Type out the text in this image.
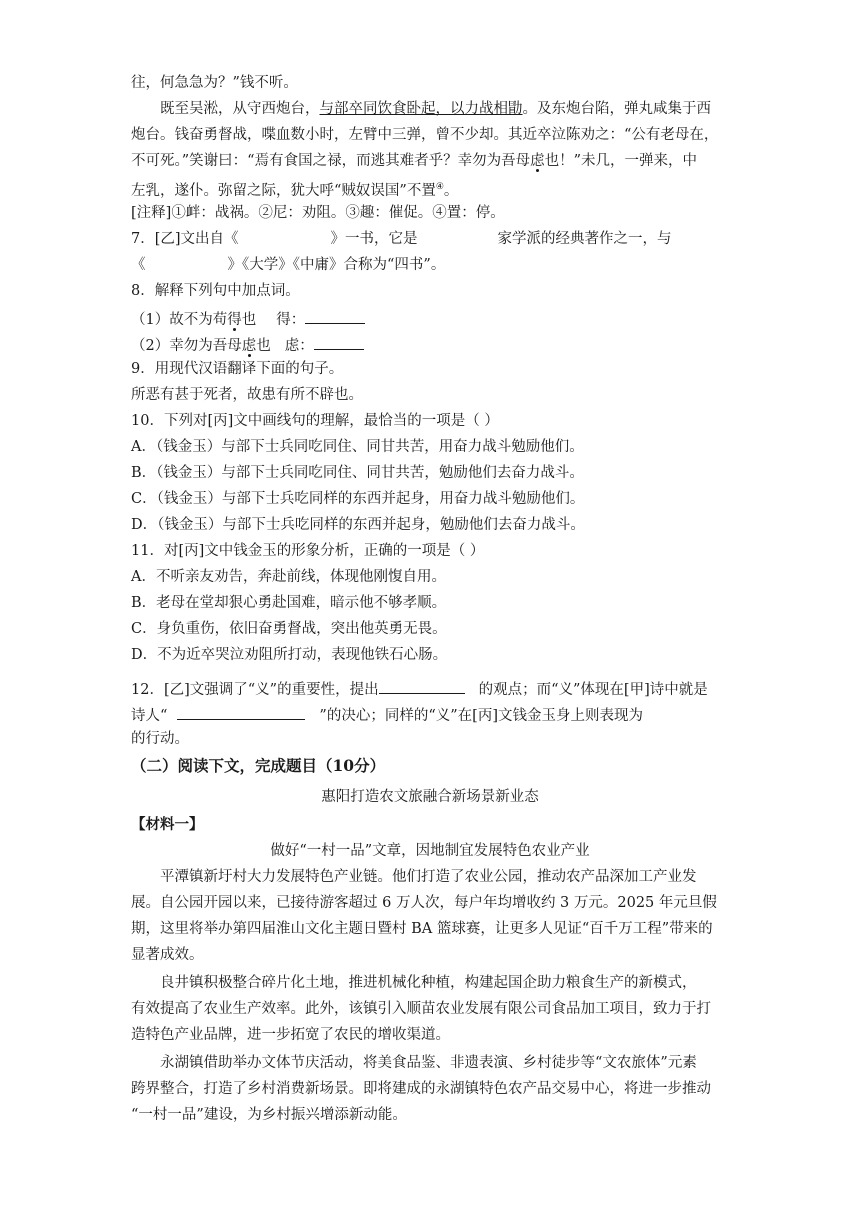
往，何急急为？”钱不听。
既至吴淞，从守西炮台，与部卒同饮食卧起，以力战相勖。及东炮台陷，弹丸咸集于西
炮台。钱奋勇督战，喋血数小时，左臂中三弹，曾不少却。其近卒泣陈劝之：“公有老母在，
不可死。”笑谢曰：“焉有食国之禄，而逃其难者乎？幸勿为吾母虑也！”未几，一弹来，中
左乳，遂仆。弥留之际，犹大呼“贼奴误国”不置④。
[注释]①衅：战祸。②尼：劝阻。③趣：催促。④置：停。
7．[乙]文出自《	》一书，它是	家学派的经典著作之一，与
《	》《大学》《中庸》合称为“四书”。
8．解释下列句中加点词。
（1）故不为苟得也 得：
（2）幸勿为吾母虑也 虑：
9．用现代汉语翻译下面的句子。
所恶有甚于死者，故患有所不辟也。
10．下列对[丙]文中画线句的理解，最恰当的一项是（ ）
A．（钱金玉）与部下士兵同吃同住、同甘共苦，用奋力战斗勉励他们。
B．（钱金玉）与部下士兵同吃同住、同甘共苦，勉励他们去奋力战斗。
C．（钱金玉）与部下士兵吃同样的东西并起身，用奋力战斗勉励他们。
D．（钱金玉）与部下士兵吃同样的东西并起身，勉励他们去奋力战斗。
11．对[丙]文中钱金玉的形象分析，正确的一项是（ ）
A．不听亲友劝告，奔赴前线，体现他刚愎自用。
B．老母在堂却狠心勇赴国难，暗示他不够孝顺。
C．身负重伤，依旧奋勇督战，突出他英勇无畏。
D．不为近卒哭泣劝阻所打动，表现他铁石心肠。
12．[乙]文强调了“义”的重要性，提出	的观点；而“义”体现在[甲]诗中就是
诗人“	”的决心；同样的“义”在[丙]文钱金玉身上则表现为
的行动。
（二）阅读下文，完成题目（10分）
惠阳打造农文旅融合新场景新业态
【材料一】
做好“一村一品”文章，因地制宜发展特色农业产业
平潭镇新圩村大力发展特色产业链。他们打造了农业公园，推动农产品深加工产业发
展。自公园开园以来，已接待游客超过 6 万人次，每户年均增收约 3 万元。2025 年元旦假
期，这里将举办第四届淮山文化主题日暨村 BA 篮球赛，让更多人见证“百千万工程”带来的
显著成效。
良井镇积极整合碎片化土地，推进机械化种植，构建起国企助力粮食生产的新模式，
有效提高了农业生产效率。此外，该镇引入顺苗农业发展有限公司食品加工项目，致力于打
造特色产业品牌，进一步拓宽了农民的增收渠道。
永湖镇借助举办文体节庆活动，将美食品鉴、非遗表演、乡村徒步等“文农旅体”元素
跨界整合，打造了乡村消费新场景。即将建成的永湖镇特色农产品交易中心，将进一步推动
“一村一品”建设，为乡村振兴增添新动能。
